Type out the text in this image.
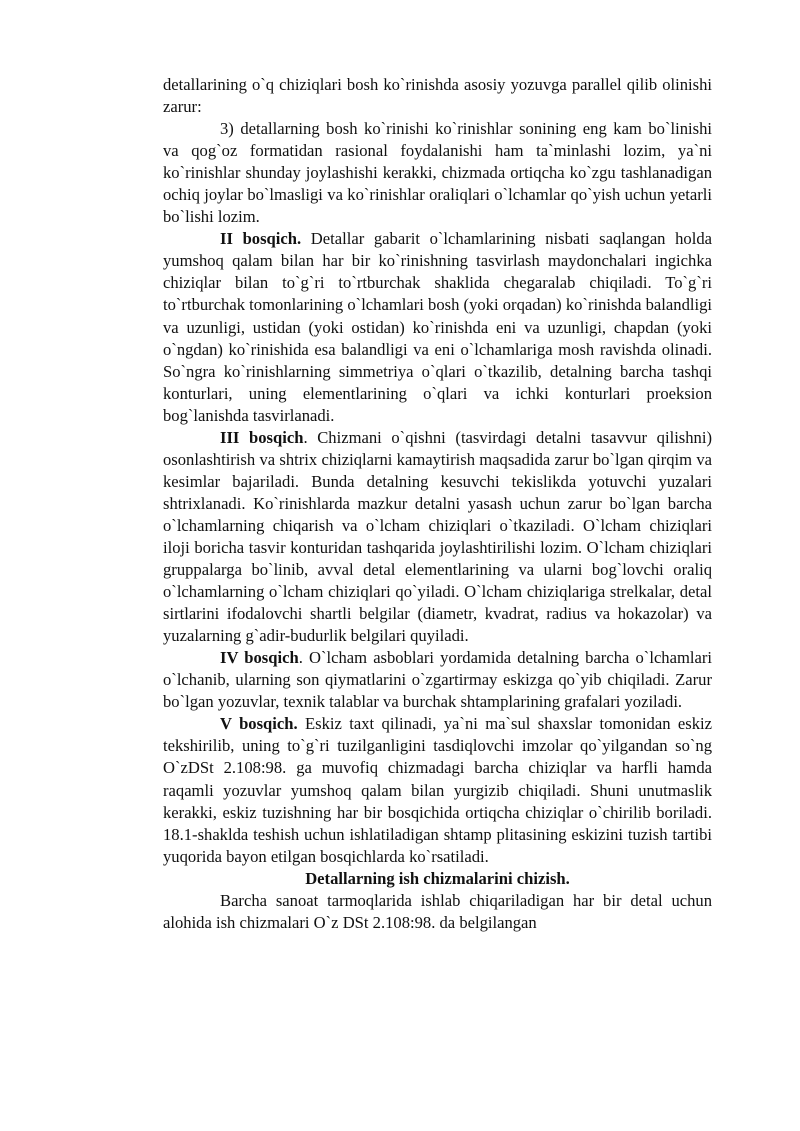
detallarining o`q chiziqlari bosh ko`rinishda asosiy yozuvga parallel qilib olinishi zarur:

3) detallarning bosh ko`rinishi ko`rinishlar sonining eng kam bo`linishi va qog`oz formatidan rasional foydalanishi ham ta`minlashi lozim, ya`ni ko`rinishlar shunday joylashishi kerakki, chizmada ortiqcha ko`zgu tashlanadigan ochiq joylar bo`lmasligi va ko`rinishlar oraliqlari o`lchamlar qo`yish uchun yetarli bo`lishi lozim.

II bosqich. Detallar gabarit o`lchamlarining nisbati saqlangan holda yumshoq qalam bilan har bir ko`rinishning tasvirlash maydonchalari ingichka chiziqlar bilan to`g`ri to`rtburchak shaklida chegaralab chiqiladi. To`g`ri to`rtburchak tomonlarining o`lchamlari bosh (yoki orqadan) ko`rinishda balandligi va uzunligi, ustidan (yoki ostidan) ko`rinishda eni va uzunligi, chapdan (yoki o`ngdan) ko`rinishida esa balandligi va eni o`lchamlariga mosh ravishda olinadi. So`ngra ko`rinishlarning simmetriya o`qlari o`tkazilib, detalning barcha tashqi konturlari, uning elementlarining o`qlari va ichki konturlari proeksion bog`lanishda tasvirlanadi.

III bosqich. Chizmani o`qishni (tasvirdagi detalni tasavvur qilishni) osonlashtirish va shtrix chiziqlarni kamaytirish maqsadida zarur bo`lgan qirqim va kesimlar bajariladi. Bunda detalning kesuvchi tekislikda yotuvchi yuzalari shtrixlanadi. Ko`rinishlarda mazkur detalni yasash uchun zarur bo`lgan barcha o`lchamlarning chiqarish va o`lcham chiziqlari o`tkaziladi. O`lcham chiziqlari iloji boricha tasvir konturidan tashqarida joylashtirilishi lozim. O`lcham chiziqlari gruppalarga bo`linib, avval detal elementlarining va ularni bog`lovchi oraliq o`lchamlarning o`lcham chiziqlari qo`yiladi. O`lcham chiziqlariga strelkalar, detal sirtlarini ifodalovchi shartli belgilar (diametr, kvadrat, radius va hokazolar) va yuzalarning g`adir-budurlik belgilari quyiladi.

IV bosqich. O`lcham asboblari yordamida detalning barcha o`lchamlari o`lchanib, ularning son qiymatlarini o`zgartirmay eskizga qo`yib chiqiladi. Zarur bo`lgan yozuvlar, texnik talablar va burchak shtamplarining grafalari yoziladi.

V bosqich. Eskiz taxt qilinadi, ya`ni ma`sul shaxslar tomonidan eskiz tekshirilib, uning to`g`ri tuzilganligini tasdiqlovchi imzolar qo`yilgandan so`ng O`zDSt 2.108:98. ga muvofiq chizmadagi barcha chiziqlar va harfli hamda raqamli yozuvlar yumshoq qalam bilan yurgizib chiqiladi. Shuni unutmaslik kerakki, eskiz tuzishning har bir bosqichida ortiqcha chiziqlar o`chirilib boriladi. 18.1-shaklda teshish uchun ishlatiladigan shtamp plitasining eskizini tuzish tartibi yuqorida bayon etilgan bosqichlarda ko`rsatiladi.

Detallarning ish chizmalarini chizish.

Barcha sanoat tarmoqlarida ishlab chiqariladigan har bir detal uchun alohida ish chizmalari O`z DSt 2.108:98. da belgilangan
